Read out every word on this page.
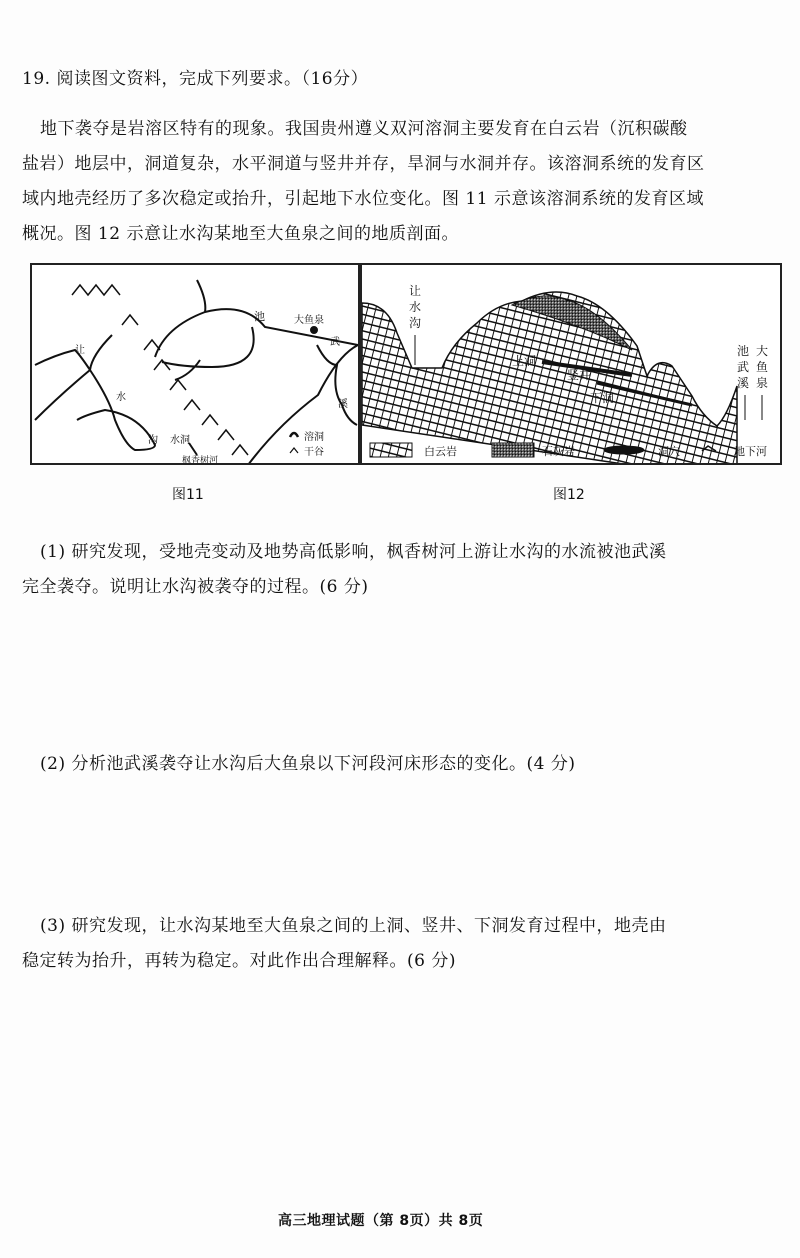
19. 阅读图文资料，完成下列要求。（16分）
地下袭夺是岩溶区特有的现象。我国贵州遵义双河溶洞主要发育在白云岩（沉积碳酸
盐岩）地层中，洞道复杂，水平洞道与竖井并存，旱洞与水洞并存。该溶洞系统的发育区
域内地壳经历了多次稳定或抬升，引起地下水位变化。图 11 示意该溶洞系统的发育区域
概况。图 12 示意让水沟某地至大鱼泉之间的地质剖面。
池	大鱼泉
武
溪
让
水
沟 水洞
枫香树河
溶洞
干谷
让
水
沟
上洞
竖井
下洞
池
武
溪
大
鱼
泉
白云岩	石灰岩	洞穴	地下河
图11	图12
(1) 研究发现，受地壳变动及地势高低影响，枫香树河上游让水沟的水流被池武溪
完全袭夺。说明让水沟被袭夺的过程。(6 分)
(2) 分析池武溪袭夺让水沟后大鱼泉以下河段河床形态的变化。(4 分)
(3) 研究发现，让水沟某地至大鱼泉之间的上洞、竖井、下洞发育过程中，地壳由
稳定转为抬升，再转为稳定。对此作出合理解释。(6 分)
高三地理试题（第 8页）共 8页
